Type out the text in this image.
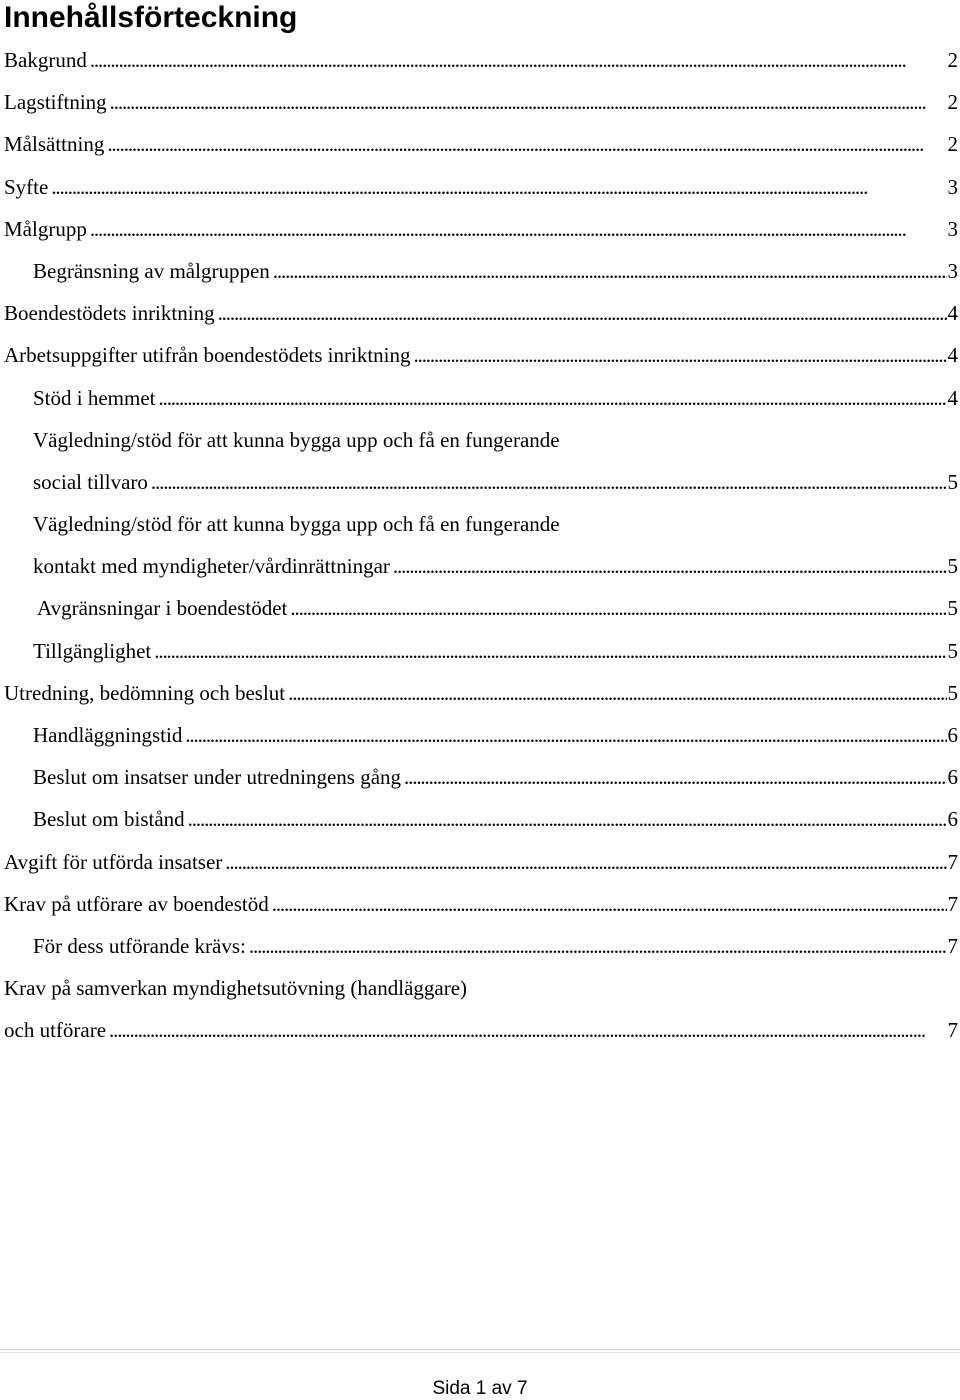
Innehållsförteckning
Bakgrund . . .	2
Lagstiftning . . .	2
Målsättning . . .	2
Syfte . . .	3
Målgrupp . . .	3
Begränsning av målgruppen . . .	3
Boendestödets inriktning . . .	4
Arbetsuppgifter utifrån boendestödets inriktning . . .	4
Stöd i hemmet . . .	4
Vägledning/stöd för att kunna bygga upp och få en fungerande
social tillvaro . . .	5
Vägledning/stöd för att kunna bygga upp och få en fungerande
kontakt med myndigheter/vårdinrättningar . . .	5
Avgränsningar i boendestödet . . .	5
Tillgänglighet . . .	5
Utredning, bedömning och beslut . . .	5
Handläggningstid . . .	6
Beslut om insatser under utredningens gång . . .	6
Beslut om bistånd . . .	6
Avgift för utförda insatser . . .	7
Krav på utförare av boendestöd . . .	7
För dess utförande krävs: . . .	7
Krav på samverkan myndighetsutövning (handläggare)
och utförare . . .	7
Sida 1 av 7
